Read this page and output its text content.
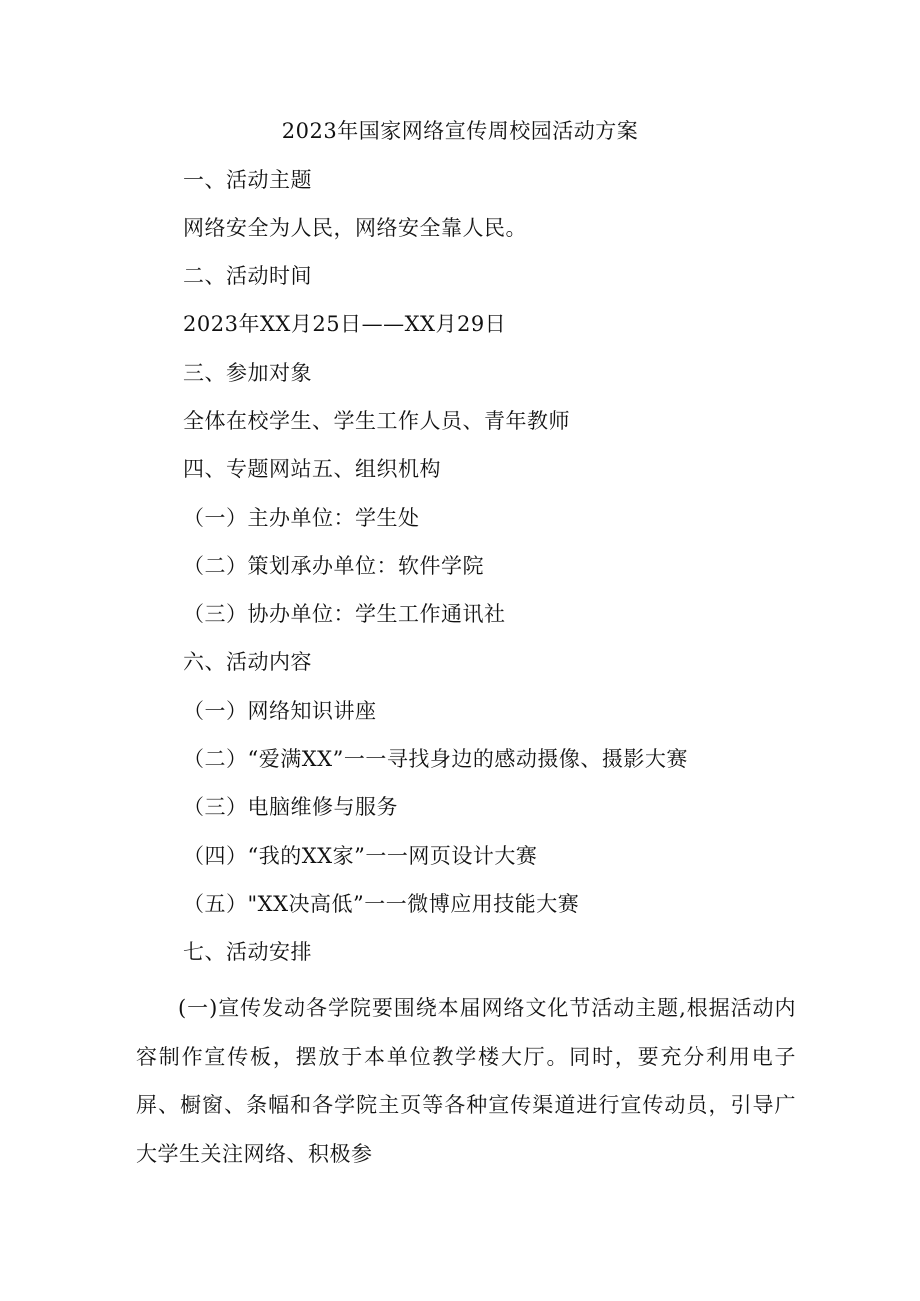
2023年国家网络宣传周校园活动方案
一、活动主题
网络安全为人民，网络安全靠人民。
二、活动时间
2023年XX月25日——XX月29日
三、参加对象
全体在校学生、学生工作人员、青年教师
四、专题网站五、组织机构
（一）主办单位：学生处
（二）策划承办单位：软件学院
（三）协办单位：学生工作通讯社
六、活动内容
（一）网络知识讲座
（二）“爱满XX”一一寻找身边的感动摄像、摄影大赛
（三）电脑维修与服务
（四）“我的XX家”一一网页设计大赛
（五）"XX决高低”一一微博应用技能大赛
七、活动安排
(一)宣传发动各学院要围绕本届网络文化节活动主题,根据活动内容制作宣传板，摆放于本单位教学楼大厅。同时，要充分利用电子屏、橱窗、条幅和各学院主页等各种宣传渠道进行宣传动员，引导广大学生关注网络、积极参
